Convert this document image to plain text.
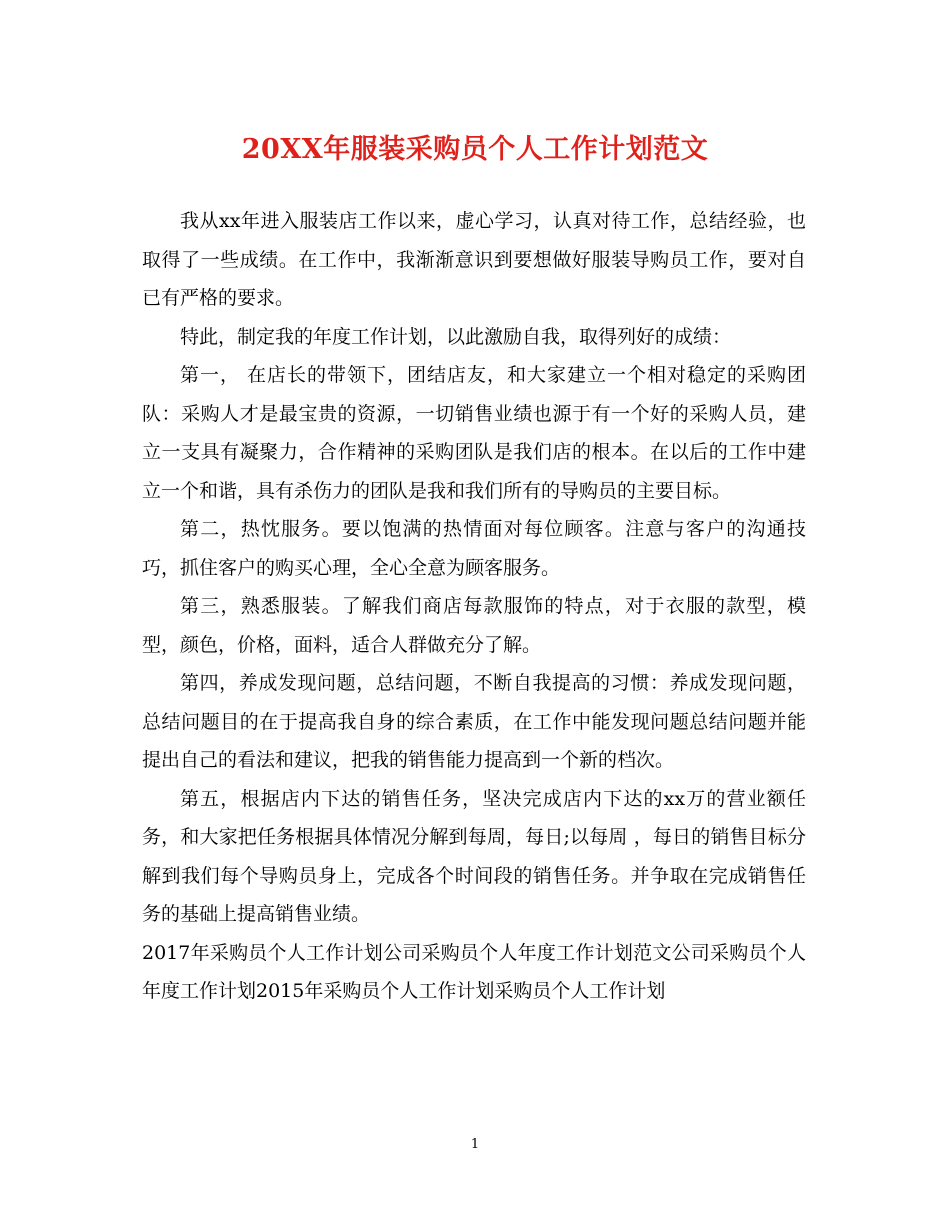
20XX年服装采购员个人工作计划范文

我从xx年进入服装店工作以来，虚心学习，认真对待工作，总结经验，也取得了一些成绩。在工作中，我渐渐意识到要想做好服装导购员工作，要对自已有严格的要求。

特此，制定我的年度工作计划，以此激励自我，取得列好的成绩：

第一， 在店长的带领下，团结店友，和大家建立一个相对稳定的采购团队：采购人才是最宝贵的资源，一切销售业绩也源于有一个好的采购人员，建立一支具有凝聚力，合作精神的采购团队是我们店的根本。在以后的工作中建立一个和谐，具有杀伤力的团队是我和我们所有的导购员的主要目标。

第二，热忱服务。要以饱满的热情面对每位顾客。注意与客户的沟通技巧，抓住客户的购买心理，全心全意为顾客服务。

第三，熟悉服装。了解我们商店每款服饰的特点，对于衣服的款型，模型，颜色，价格，面料，适合人群做充分了解。

第四，养成发现问题，总结问题，不断自我提高的习惯：养成发现问题，总结问题目的在于提高我自身的综合素质，在工作中能发现问题总结问题并能提出自己的看法和建议，把我的销售能力提高到一个新的档次。

第五，根据店内下达的销售任务，坚决完成店内下达的xx万的营业额任务，和大家把任务根据具体情况分解到每周，每日;以每周 ，每日的销售目标分解到我们每个导购员身上，完成各个时间段的销售任务。并争取在完成销售任务的基础上提高销售业绩。

2017年采购员个人工作计划公司采购员个人年度工作计划范文公司采购员个人年度工作计划2015年采购员个人工作计划采购员个人工作计划

1
